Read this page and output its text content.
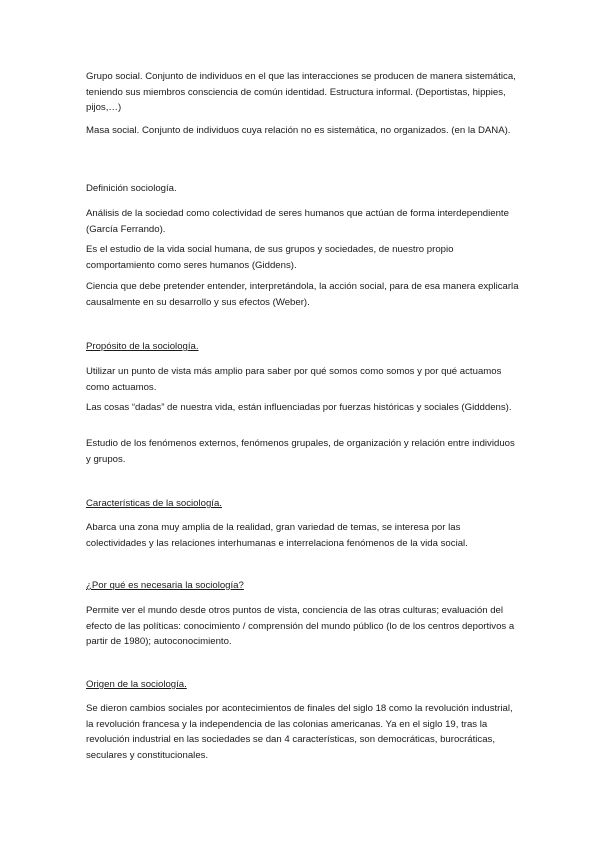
Grupo social. Conjunto de individuos en el que las interacciones se producen de manera sistemática, teniendo sus miembros consciencia de común identidad. Estructura informal. (Deportistas, hippies, pijos,…)

Masa social. Conjunto de individuos cuya relación no es sistemática, no organizados. (en la DANA).

Definición sociología.

Análisis de la sociedad como colectividad de seres humanos que actúan de forma interdependiente (García Ferrando).

Es el estudio de la vida social humana, de sus grupos y sociedades, de nuestro propio comportamiento como seres humanos (Giddens).

Ciencia que debe pretender entender, interpretándola, la acción social, para de esa manera explicarla causalmente en su desarrollo y sus efectos (Weber).

Propósito de la sociología.

Utilizar un punto de vista más amplio para saber por qué somos como somos y por qué actuamos como actuamos.

Las cosas “dadas” de nuestra vida, están influenciadas por fuerzas históricas y sociales (Gidddens).

Estudio de los fenómenos externos, fenómenos grupales, de organización y relación entre individuos y grupos.

Características de la sociología.

Abarca una zona muy amplia de la realidad, gran variedad de temas, se interesa por las colectividades y las relaciones interhumanas e interrelaciona fenómenos de la vida social.

¿Por qué es necesaria la sociología?

Permite ver el mundo desde otros puntos de vista, conciencia de las otras culturas; evaluación del efecto de las políticas: conocimiento / comprensión del mundo público (lo de los centros deportivos a partir de 1980); autoconocimiento.

Origen de la sociología.

Se dieron cambios sociales por acontecimientos de finales del siglo 18 como la revolución industrial, la revolución francesa y la independencia de las colonias americanas. Ya en el siglo 19, tras la revolución industrial en las sociedades se dan 4 características, son democráticas, burocráticas, seculares y constitucionales.
